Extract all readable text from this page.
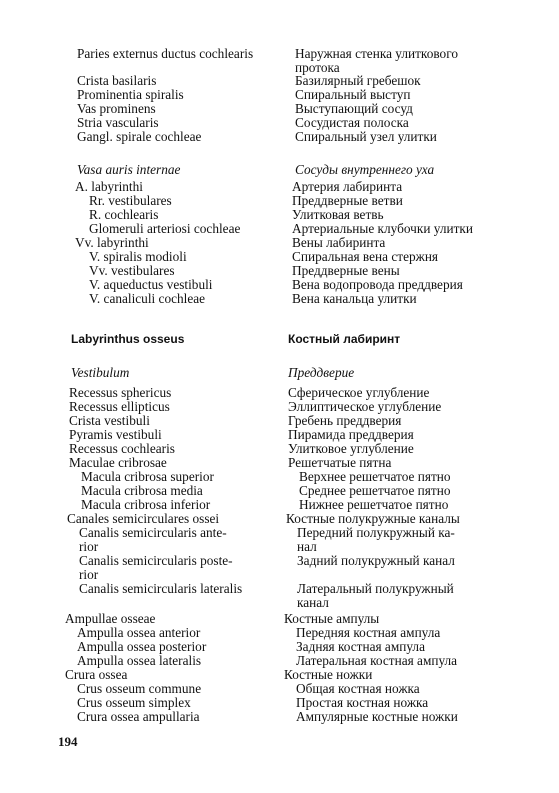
Paries externus ductus cochlearis	Наружная стенка улиткового
протока
Crista basilaris	Базилярный гребешок
Prominentia spiralis	Спиральный выступ
Vas prominens	Выступающий сосуд
Stria vascularis	Сосудистая полоска
Gangl. spirale cochleae	Спиральный узел улитки
Vasa auris internae	Сосуды внутреннего уха
A. labyrinthi	Артерия лабиринта
Rr. vestibulares	Преддверные ветви
R. cochlearis	Улитковая ветвь
Glomeruli arteriosi cochleae	Артериальные клубочки улитки
Vv. labyrinthi	Вены лабиринта
V. spiralis modioli	Спиральная вена стержня
Vv. vestibulares	Преддверные вены
V. aqueductus vestibuli	Вена водопровода преддверия
V. canaliculi cochleae	Вена канальца улитки
Labyrinthus osseus	Костный лабиринт
Vestibulum	Преддверие
Recessus sphericus	Сферическое углубление
Recessus ellipticus	Эллиптическое углубление
Crista vestibuli	Гребень преддверия
Pyramis vestibuli	Пирамида преддверия
Recessus cochlearis	Улитковое углубление
Maculae cribrosae	Решетчатые пятна
Macula cribrosa superior	Верхнее решетчатое пятно
Macula cribrosa media	Среднее решетчатое пятно
Macula cribrosa inferior	Нижнее решетчатое пятно
Canales semicirculares ossei	Костные полукружные каналы
Canalis semicircularis ante-	Передний полукружный ка-
rior	нал
Canalis semicircularis poste-	Задний полукружный канал
rior
Canalis semicircularis lateralis	Латеральный полукружный
канал
Ampullae osseae	Костные ампулы
Ampulla ossea anterior	Передняя костная ампула
Ampulla ossea posterior	Задняя костная ампула
Ampulla ossea lateralis	Латеральная костная ампула
Crura ossea	Костные ножки
Crus osseum commune	Общая костная ножка
Crus osseum simplex	Простая костная ножка
Crura ossea ampullaria	Ампулярные костные ножки
194
